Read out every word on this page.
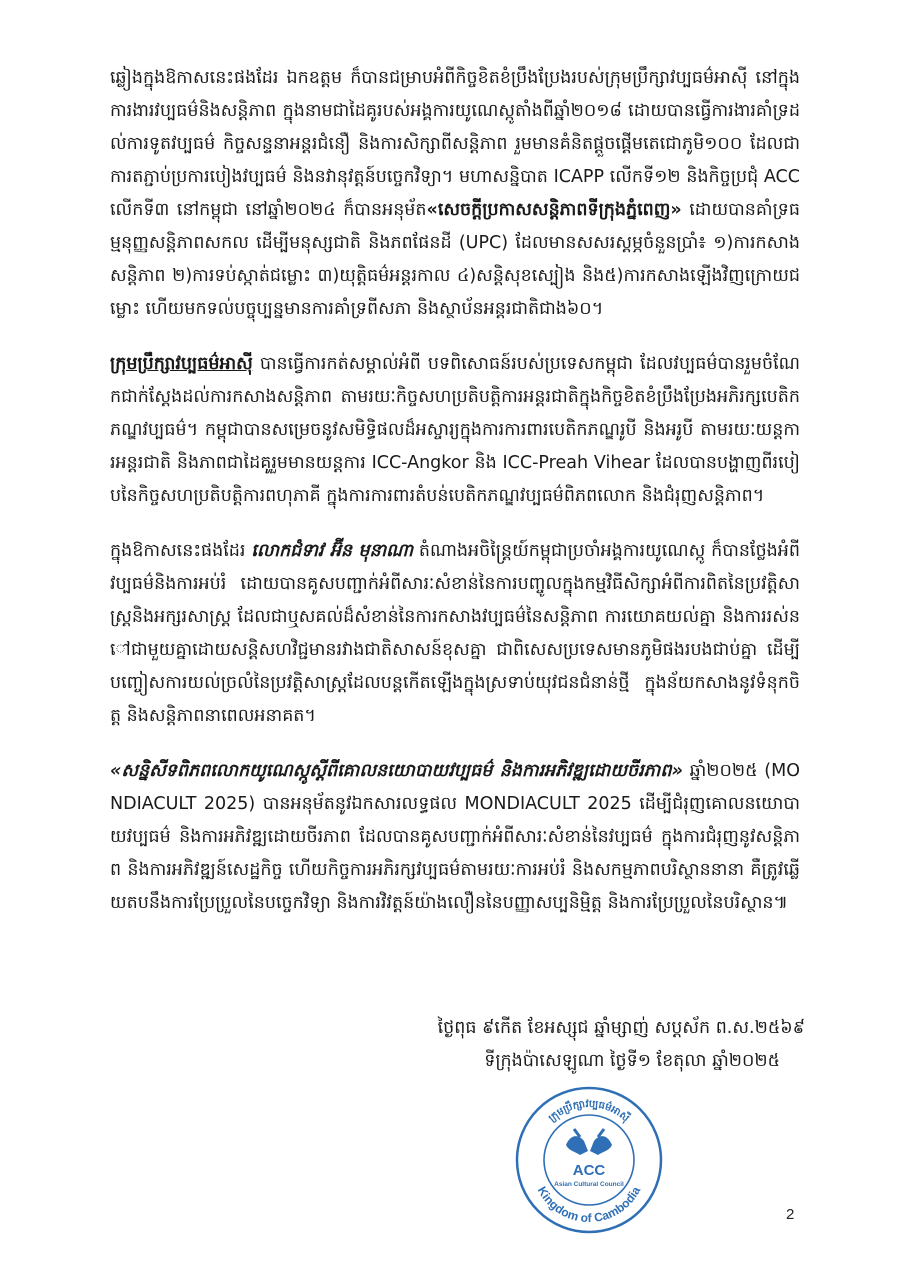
ឆ្លៀងក្នុងឱកាសនេះផងដែរ ឯកឧត្តម ក៏បានជម្រាបអំពីកិច្ចខិតខំប្រឹងប្រែងរបស់ក្រុមប្រឹក្សាវប្បធម៌អាស៊ី នៅក្នុងការងារវប្បធម៌និងសន្តិភាព ក្នុងនាមជាដៃគូរបស់អង្គការយូណេស្កូតាំងពីឆ្នាំ២០១៨ ដោយបានធ្វើការងារគាំទ្រដល់ការទូតវប្បធម៌ កិច្ចសន្ទនាអន្តរជំនឿ និងការសិក្សាពីសន្តិភាព រួមមានគំនិតផ្តួចផ្តើមតេជោភូមិ១០០ ដែលជាការតភ្ជាប់ប្រការបៀងវប្បធម៌ និងនវានុវត្តន៍បច្ចេកវិទ្យា។ មហាសន្និបាត ICAPP លើកទី១២ និងកិច្ចប្រជុំ ACC លើកទី៣ នៅកម្ពុជា នៅឆ្នាំ២០២៤ ក៏បានអនុម័ត«សេចក្តីប្រកាសសន្តិភាពទីក្រុងភ្នំពេញ» ដោយបានគាំទ្រធម្មនុញ្ញសន្តិភាពសកល ដើម្បីមនុស្សជាតិ និងភពផែនដី (UPC) ដែលមានសសរស្តម្ភចំនួនប្រាំ៖ ១)ការកសាងសន្តិភាព ២)ការទប់ស្កាត់ជម្លោះ ៣)យុត្តិធម៌អន្តរកាល ៤)សន្តិសុខស្បៀង និង៥)ការកសាងឡើងវិញក្រោយជម្លោះ ហើយមកទល់បច្ចុប្បន្នមានការគាំទ្រពីសភា និងស្ថាប័នអន្តរជាតិជាង៦០។

ក្រុមប្រឹក្សាវប្បធម៌អាស៊ី បានធ្វើការកត់សម្គាល់អំពី បទពិសោធន៍របស់ប្រទេសកម្ពុជា ដែលវប្បធម៌បានរួមចំណែកជាក់ស្តែងដល់ការកសាងសន្តិភាព តាមរយៈកិច្ចសហប្រតិបត្តិការអន្តរជាតិក្នុងកិច្ចខិតខំប្រឹងប្រែងអភិរក្សបេតិកភណ្ឌវប្បធម៌។ កម្ពុជាបានសម្រេចនូវសមិទ្ធិផលដ៏អស្ចារ្យក្នុងការការពារបេតិកភណ្ឌរូបី និងអរូបី តាមរយៈយន្តការអន្តរជាតិ និងភាពជាដៃគូរួមមានយន្តការ ICC-Angkor និង ICC-Preah Vihear ដែលបានបង្ហាញពីរបៀបនៃកិច្ចសហប្រតិបត្តិការពហុភាគី ក្នុងការការពារតំបន់បេតិកភណ្ឌវប្បធម៌ពិភពលោក និងជំរុញសន្តិភាព។

ក្នុងឱកាសនេះផងដែរ លោកជំទាវ អ៊ីន មុនាណា តំណាងអចិន្ត្រៃយ៍កម្ពុជាប្រចាំអង្គការយូណេស្កូ ក៏បានថ្លែងអំពីវប្បធម៌និងការអប់រំ ដោយបានគូសបញ្ជាក់អំពីសារៈសំខាន់នៃការបញ្ចូលក្នុងកម្មវិធីសិក្សាអំពីការពិតនៃប្រវត្តិសាស្ត្រនិងអក្សរសាស្ត្រ ដែលជាឬសគល់ដ៏សំខាន់នៃការកសាងវប្បធម៌នៃសន្តិភាព ការយោគយល់គ្នា និងការរស់នៅជាមួយគ្នាដោយសន្តិសហវិជ្ជមានរវាងជាតិសាសន៍ខុសគ្នា ជាពិសេសប្រទេសមានភូមិផងរបងជាប់គ្នា ដើម្បីបញ្ចៀសការយល់ច្រលំនៃប្រវត្តិសាស្ត្រដែលបន្តកើតឡើងក្នុងស្រទាប់យុវជនជំនាន់ថ្មី ក្នុងន័យកសាងនូវទំនុកចិត្ត និងសន្តិភាពនាពេលអនាគត។

«សន្និសីទពិភពលោកយូណេស្កូស្តីពីគោលនយោបាយវប្បធម៌ និងការអភិវឌ្ឍដោយចីរភាព» ឆ្នាំ២០២៥ (MONDIACULT 2025) បានអនុម័តនូវឯកសារលទ្ធផល MONDIACULT 2025 ដើម្បីជំរុញគោលនយោបាយវប្បធម៌ និងការអភិវឌ្ឍដោយចីរភាព ដែលបានគូសបញ្ជាក់អំពីសារៈសំខាន់នៃវប្បធម៌ ក្នុងការជំរុញនូវសន្តិភាព និងការអភិវឌ្ឍន៍សេដ្ឋកិច្ច ហើយកិច្ចការអភិរក្សវប្បធម៌តាមរយៈការអប់រំ និងសកម្មភាពបរិស្ថាននានា គឺត្រូវឆ្លើយតបនឹងការប្រែប្រួលនៃបច្ចេកវិទ្យា និងការវិវត្តន៍យ៉ាងលឿននៃបញ្ញាសប្បនិម្មិត្ត និងការប្រែប្រួលនៃបរិស្ថាន៕

ថ្ងៃពុធ ៩កើត ខែអស្សុជ ឆ្នាំម្សាញ់ សប្តស័ក ព.ស.២៥៦៩
ទីក្រុងប៉ាសេឡូណា ថ្ងៃទី១ ខែតុលា ឆ្នាំ២០២៥
ក្រុមប្រឹក្សាវប្បធម៌អាស៊ី
Kingdom of Cambodia
ACC
Asian Cultural Council
2
